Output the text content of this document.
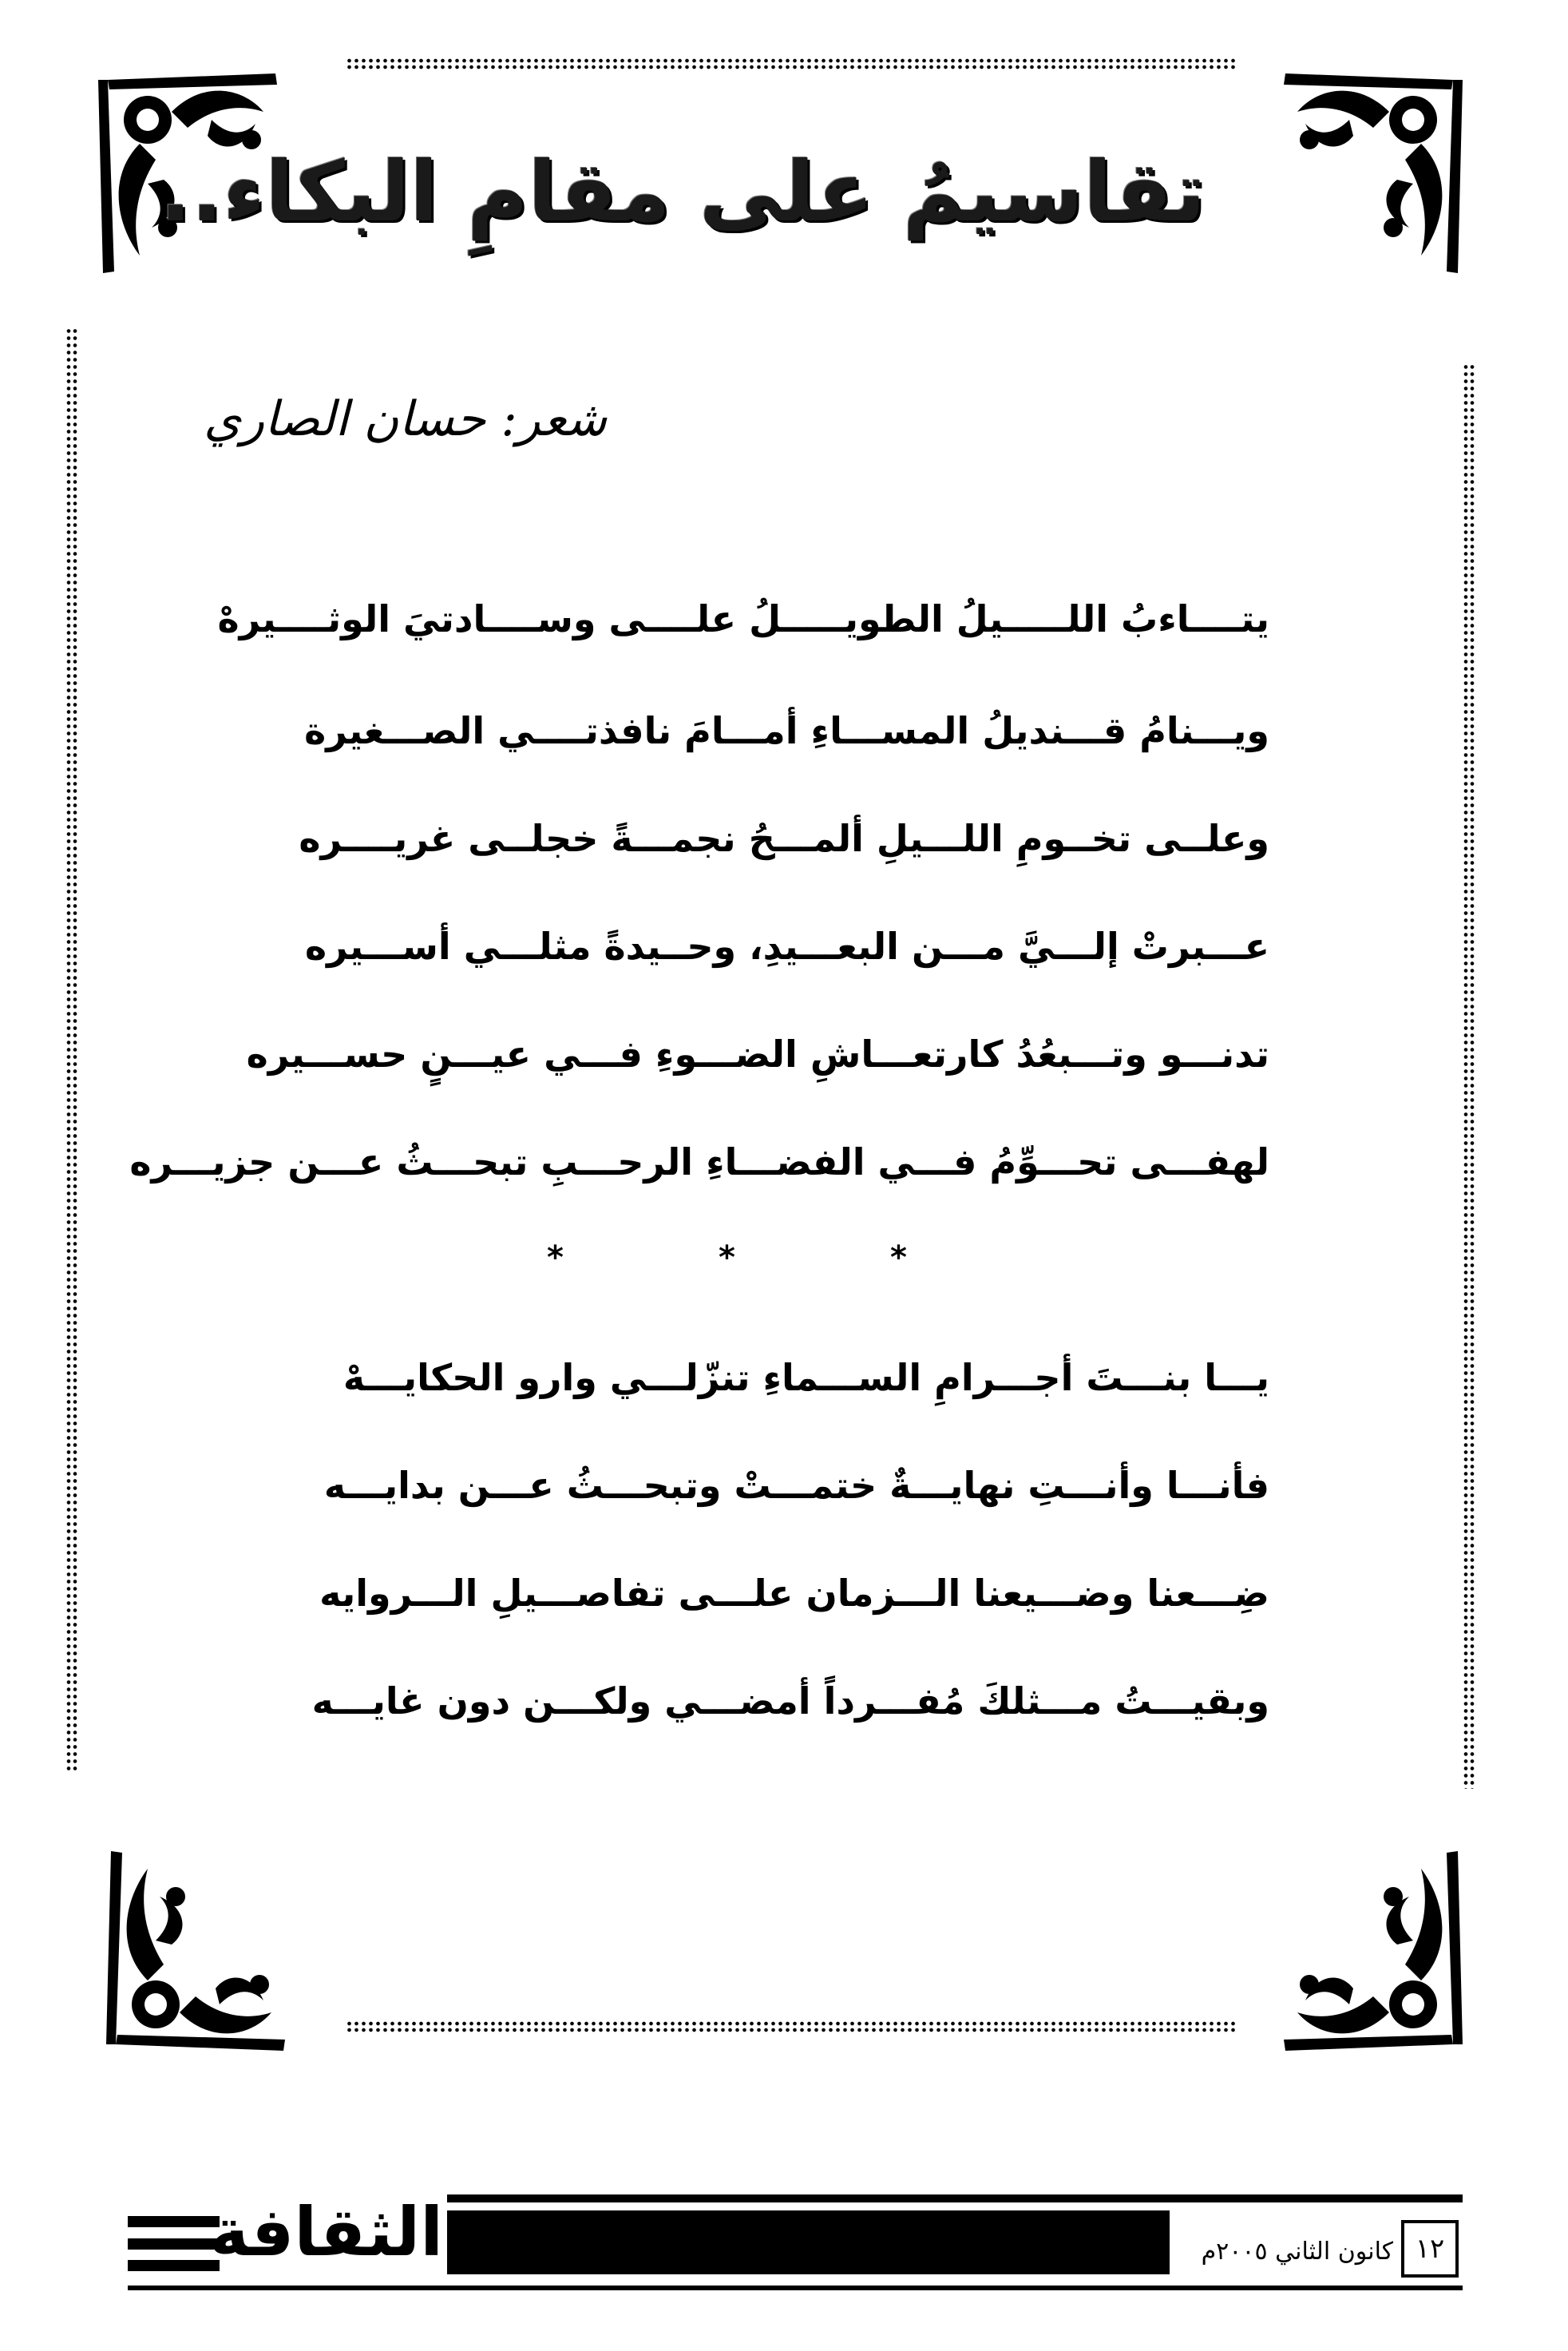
تقاسيمُ على مقامِ البكاء..
شعر: حسان الصاري
يتــــاءبُ اللـــــيلُ الطويـــــلُ علــــى وســــادتيَ الوثــــيرهْ
ويـــنامُ قـــنديلُ المســـاءِ أمـــامَ نافذتــــي الصـــغيرة
وعلــى تخــومِ اللـــيلِ ألمـــحُ نجمـــةً خجلــى غريــــره
عـــبرتْ إلـــيَّ مـــن البعـــيدِ، وحــيدةً مثلـــي أســـيره
تدنـــو وتـــبعُدُ كارتعـــاشِ الضـــوءِ فـــي عيـــنٍ حســـيره
لهفـــى تحـــوِّمُ فـــي الفضـــاءِ الرحـــبِ تبحـــثُ عـــن جزيـــره
*	*	*
يـــا بنـــتَ أجـــرامِ الســـماءِ تنزّلـــي وارو الحكايـــهْ
فأنـــا وأنـــتِ نهايـــةٌ ختمـــتْ وتبحـــثُ عـــن بدايـــه
ضِـــعنا وضـــيعنا الـــزمان علـــى تفاصـــيلِ الـــروايه
وبقيـــتُ مـــثلكَ مُفـــرداً أمضـــي ولكـــن دون غايـــه
الثقافة	كانون الثاني ٢٠٠٥م ١٢
